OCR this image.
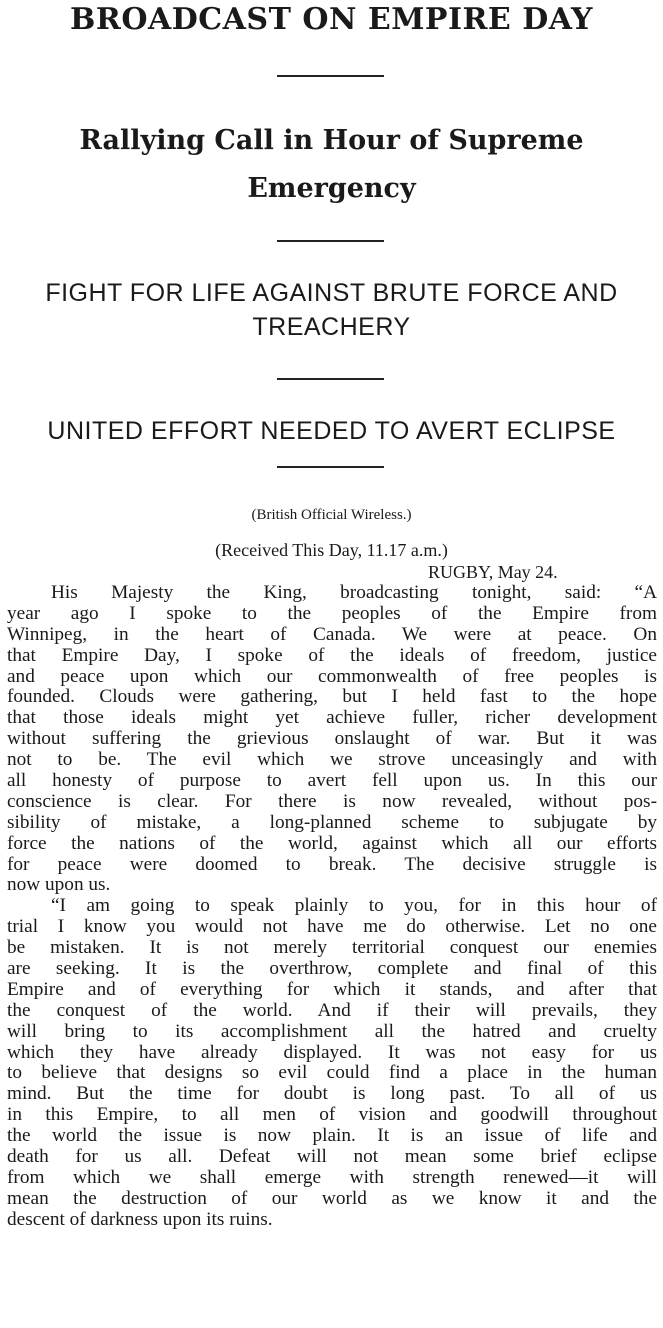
BROADCAST ON EMPIRE DAY
Rallying Call in Hour of Supreme Emergency
FIGHT FOR LIFE AGAINST BRUTE FORCE AND TREACHERY
UNITED EFFORT NEEDED TO AVERT ECLIPSE
(British Official Wireless.)
(Received This Day, 11.17 a.m.)
RUGBY, May 24.
His Majesty the King, broadcasting tonight, said: “A
year ago I spoke to the peoples of the Empire from
Winnipeg, in the heart of Canada. We were at peace. On
that Empire Day, I spoke of the ideals of freedom, justice
and peace upon which our commonwealth of free peoples is
founded. Clouds were gathering, but I held fast to the hope
that those ideals might yet achieve fuller, richer development
without suffering the grievious onslaught of war. But it was
not to be. The evil which we strove unceasingly and with
all honesty of purpose to avert fell upon us. In this our
conscience is clear. For there is now revealed, without pos-
sibility of mistake, a long-planned scheme to subjugate by
force the nations of the world, against which all our efforts
for peace were doomed to break. The decisive struggle is
now upon us.
“I am going to speak plainly to you, for in this hour of
trial I know you would not have me do otherwise. Let no one
be mistaken. It is not merely territorial conquest our enemies
are seeking. It is the overthrow, complete and final of this
Empire and of everything for which it stands, and after that
the conquest of the world. And if their will prevails, they
will bring to its accomplishment all the hatred and cruelty
which they have already displayed. It was not easy for us
to believe that designs so evil could find a place in the human
mind. But the time for doubt is long past. To all of us
in this Empire, to all men of vision and goodwill throughout
the world the issue is now plain. It is an issue of life and
death for us all. Defeat will not mean some brief eclipse
from which we shall emerge with strength renewed—it will
mean the destruction of our world as we know it and the
descent of darkness upon its ruins.
